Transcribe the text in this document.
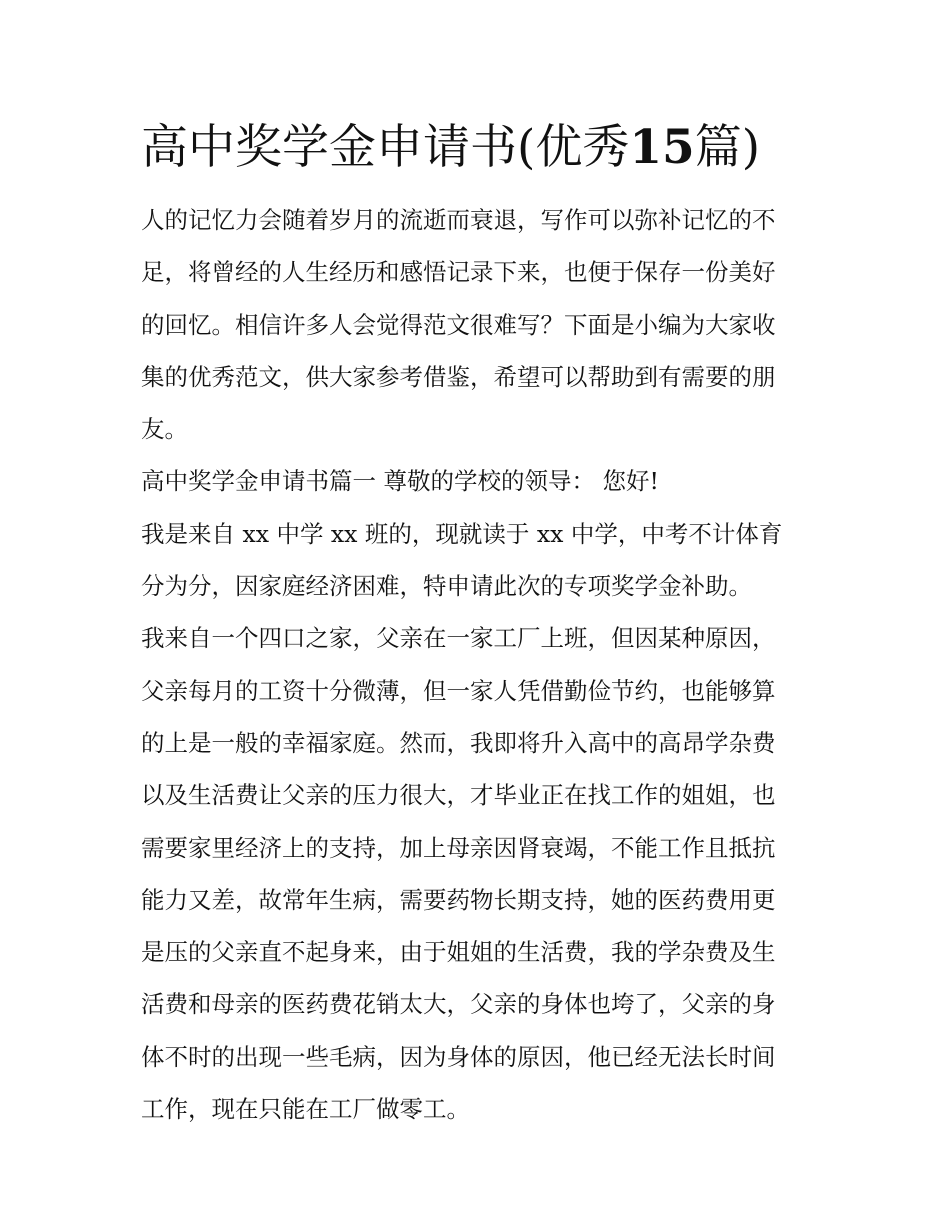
高中奖学金申请书(优秀15篇)

人的记忆力会随着岁月的流逝而衰退，写作可以弥补记忆的不

足，将曾经的人生经历和感悟记录下来，也便于保存一份美好

的回忆。相信许多人会觉得范文很难写？下面是小编为大家收

集的优秀范文，供大家参考借鉴，希望可以帮助到有需要的朋

友。

高中奖学金申请书篇一 尊敬的学校的领导： 您好!

我是来自 xx 中学 xx 班的，现就读于 xx 中学，中考不计体育

分为分，因家庭经济困难，特申请此次的专项奖学金补助。

我来自一个四口之家，父亲在一家工厂上班，但因某种原因，

父亲每月的工资十分微薄，但一家人凭借勤俭节约，也能够算

的上是一般的幸福家庭。然而，我即将升入高中的高昂学杂费

以及生活费让父亲的压力很大，才毕业正在找工作的姐姐，也

需要家里经济上的支持，加上母亲因肾衰竭，不能工作且抵抗

能力又差，故常年生病，需要药物长期支持，她的医药费用更

是压的父亲直不起身来，由于姐姐的生活费，我的学杂费及生

活费和母亲的医药费花销太大，父亲的身体也垮了，父亲的身

体不时的出现一些毛病，因为身体的原因，他已经无法长时间

工作，现在只能在工厂做零工。
